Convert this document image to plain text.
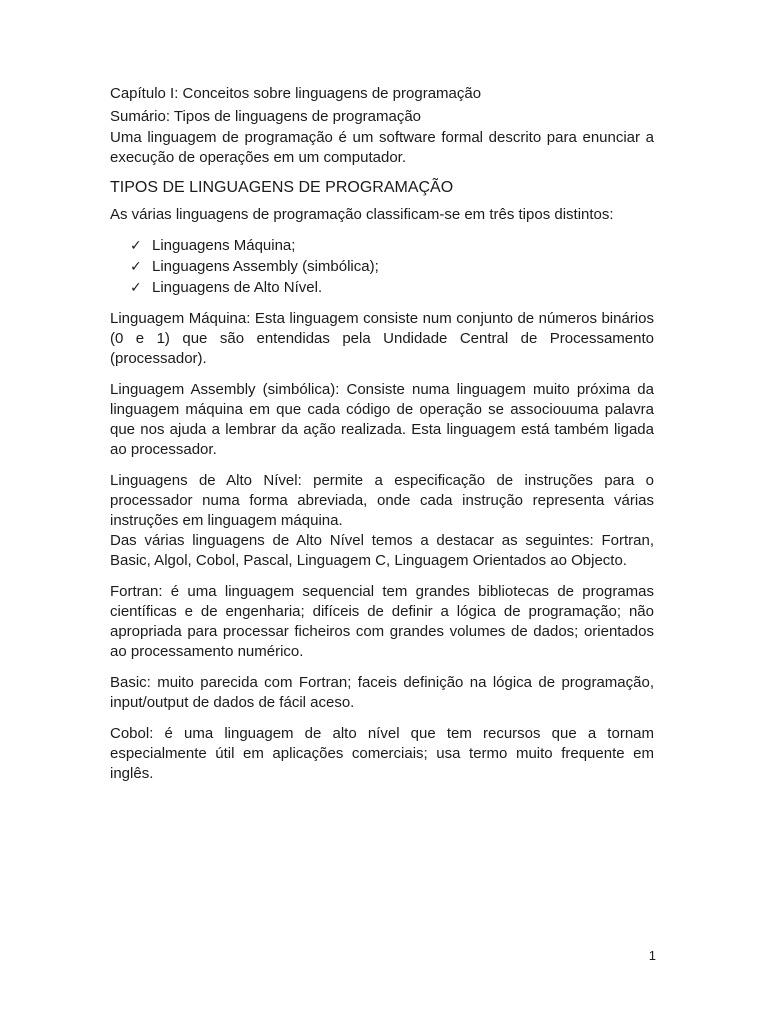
Capítulo I: Conceitos sobre linguagens de programação

Sumário: Tipos de linguagens de programação

Uma linguagem de programação é um software formal descrito para enunciar a execução de operações em um computador.

TIPOS DE LINGUAGENS DE PROGRAMAÇÃO

As várias linguagens de programação classificam-se em três tipos distintos:

✓ Linguagens Máquina;
✓ Linguagens Assembly (simbólica);
✓ Linguagens de Alto Nível.

Linguagem Máquina: Esta linguagem consiste num conjunto de números binários (0 e 1) que são entendidas pela Undidade Central de Processamento (processador).

Linguagem Assembly (simbólica): Consiste numa linguagem muito próxima da linguagem máquina em que cada código de operação se associouuma palavra que nos ajuda a lembrar da ação realizada. Esta linguagem está também ligada ao processador.

Linguagens de Alto Nível: permite a especificação de instruções para o processador numa forma abreviada, onde cada instrução representa várias instruções em linguagem máquina.

Das várias linguagens de Alto Nível temos a destacar as seguintes: Fortran, Basic, Algol, Cobol, Pascal, Linguagem C, Linguagem Orientados ao Objecto.

Fortran: é uma linguagem sequencial tem grandes bibliotecas de programas científicas e de engenharia; difíceis de definir a lógica de programação; não apropriada para processar ficheiros com grandes volumes de dados; orientados ao processamento numérico.

Basic: muito parecida com Fortran; faceis definição na lógica de programação, input/output de dados de fácil aceso.

Cobol: é uma linguagem de alto nível que tem recursos que a tornam especialmente útil em aplicações comerciais; usa termo muito frequente em inglês.

1
